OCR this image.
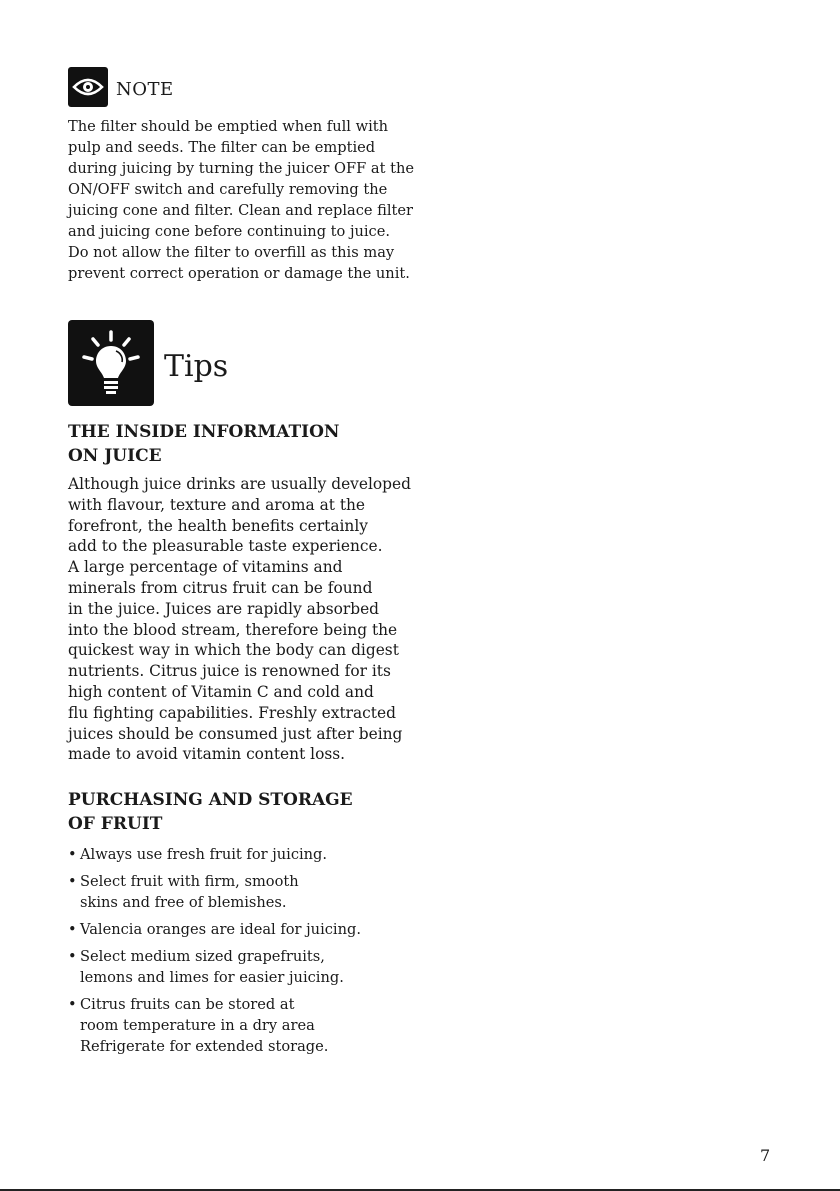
NOTE

The filter should be emptied when full with
pulp and seeds. The filter can be emptied
during juicing by turning the juicer OFF at the
ON/OFF switch and carefully removing the
juicing cone and filter. Clean and replace filter
and juicing cone before continuing to juice.
Do not allow the filter to overfill as this may
prevent correct operation or damage the unit.

Tips
THE INSIDE INFORMATION
ON JUICE

Although juice drinks are usually developed
with flavour, texture and aroma at the
forefront, the health benefits certainly
add to the pleasurable taste experience.
A large percentage of vitamins and
minerals from citrus fruit can be found
in the juice. Juices are rapidly absorbed
into the blood stream, therefore being the
quickest way in which the body can digest
nutrients. Citrus juice is renowned for its
high content of Vitamin C and cold and
flu fighting capabilities. Freshly extracted
juices should be consumed just after being
made to avoid vitamin content loss.

PURCHASING AND STORAGE
OF FRUIT
• Always use fresh fruit for juicing.
• Select fruit with firm, smooth
skins and free of blemishes.
• Valencia oranges are ideal for juicing.
• Select medium sized grapefruits,
lemons and limes for easier juicing.
• Citrus fruits can be stored at
room temperature in a dry area
Refrigerate for extended storage.
7
